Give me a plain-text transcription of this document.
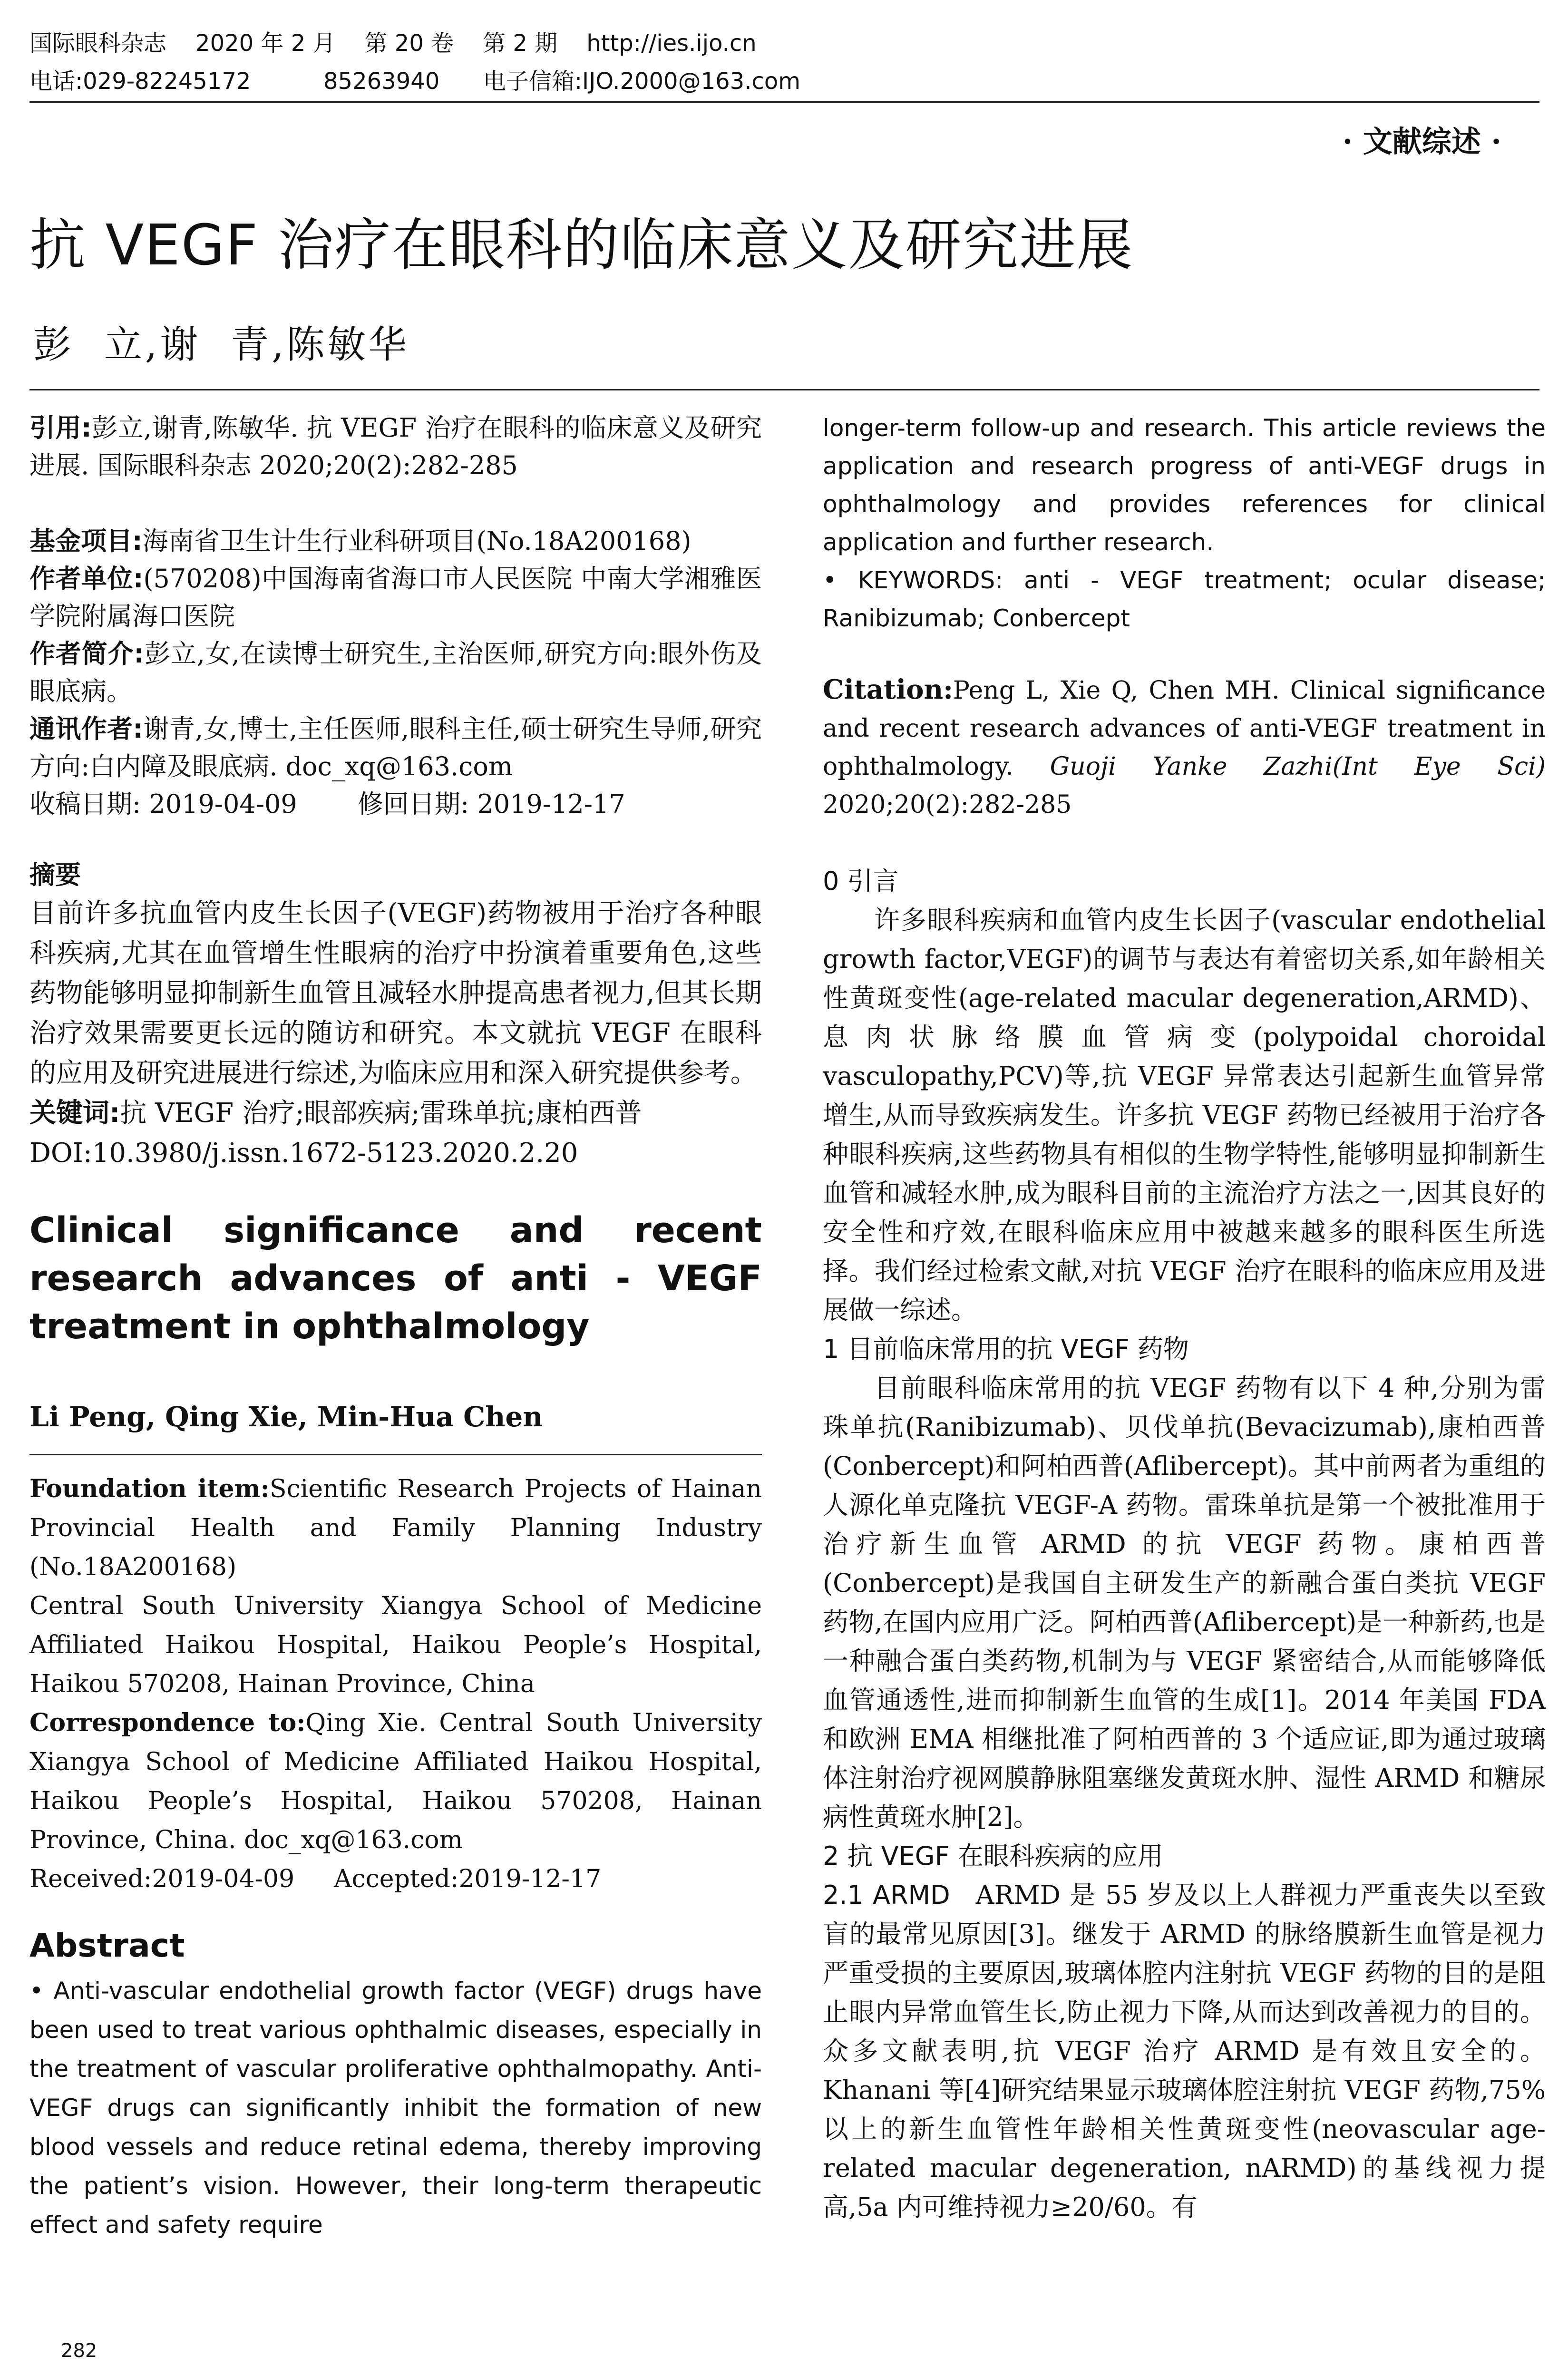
国际眼科杂志    2020 年 2 月    第 20 卷    第 2 期    http://ies.ijo.cn
电话:029-82245172          85263940      电子信箱:IJO.2000@163.com
· 文献综述 ·
抗 VEGF 治疗在眼科的临床意义及研究进展
彭  立,谢  青,陈敏华

引用:彭立,谢青,陈敏华. 抗 VEGF 治疗在眼科的临床意义及研究进展. 国际眼科杂志 2020;20(2):282-285

基金项目:海南省卫生计生行业科研项目(No.18A200168)

作者单位:(570208)中国海南省海口市人民医院 中南大学湘雅医学院附属海口医院

作者简介:彭立,女,在读博士研究生,主治医师,研究方向:眼外伤及眼底病。

通讯作者:谢青,女,博士,主任医师,眼科主任,硕士研究生导师,研究方向:白内障及眼底病. doc_xq@163.com

收稿日期: 2019-04-09 修回日期: 2019-12-17

摘要

目前许多抗血管内皮生长因子(VEGF)药物被用于治疗各种眼科疾病,尤其在血管增生性眼病的治疗中扮演着重要角色,这些药物能够明显抑制新生血管且减轻水肿提高患者视力,但其长期治疗效果需要更长远的随访和研究。本文就抗 VEGF 在眼科的应用及研究进展进行综述,为临床应用和深入研究提供参考。

关键词:抗 VEGF 治疗;眼部疾病;雷珠单抗;康柏西普

DOI:10.3980/j.issn.1672-5123.2020.2.20

Clinical significance and recent research advances of anti - VEGF treatment in ophthalmology

Li Peng, Qing Xie, Min-Hua Chen

Foundation item:Scientific Research Projects of Hainan Provincial Health and Family Planning Industry (No.18A200168)

Central South University Xiangya School of Medicine Affiliated Haikou Hospital, Haikou People’s Hospital, Haikou 570208, Hainan Province, China

Correspondence to:Qing Xie. Central South University Xiangya School of Medicine Affiliated Haikou Hospital, Haikou People’s Hospital, Haikou 570208, Hainan Province, China. doc_xq@163.com

Received:2019-04-09 Accepted:2019-12-17

Abstract

• Anti-vascular endothelial growth factor (VEGF) drugs have been used to treat various ophthalmic diseases, especially in the treatment of vascular proliferative ophthalmopathy. Anti-VEGF drugs can significantly inhibit the formation of new blood vessels and reduce retinal edema, thereby improving the patient’s vision. However, their long-term therapeutic effect and safety require

longer-term follow-up and research. This article reviews the application and research progress of anti-VEGF drugs in ophthalmology and provides references for clinical application and further research.

• KEYWORDS: anti - VEGF treatment; ocular disease; Ranibizumab; Conbercept

Citation:Peng L, Xie Q, Chen MH. Clinical significance and recent research advances of anti-VEGF treatment in ophthalmology. Guoji Yanke Zazhi(Int Eye Sci) 2020;20(2):282-285

0 引言

许多眼科疾病和血管内皮生长因子(vascular endothelial growth factor,VEGF)的调节与表达有着密切关系,如年龄相关性黄斑变性(age-related macular degeneration,ARMD)、息肉状脉络膜血管病变(polypoidal choroidal vasculopathy,PCV)等,抗 VEGF 异常表达引起新生血管异常增生,从而导致疾病发生。许多抗 VEGF 药物已经被用于治疗各种眼科疾病,这些药物具有相似的生物学特性,能够明显抑制新生血管和减轻水肿,成为眼科目前的主流治疗方法之一,因其良好的安全性和疗效,在眼科临床应用中被越来越多的眼科医生所选择。我们经过检索文献,对抗 VEGF 治疗在眼科的临床应用及进展做一综述。

1 目前临床常用的抗 VEGF 药物

目前眼科临床常用的抗 VEGF 药物有以下 4 种,分别为雷珠单抗(Ranibizumab)、贝伐单抗(Bevacizumab),康柏西普(Conbercept)和阿柏西普(Aflibercept)。其中前两者为重组的人源化单克隆抗 VEGF-A 药物。雷珠单抗是第一个被批准用于治疗新生血管 ARMD 的抗 VEGF 药物。康柏西普(Conbercept)是我国自主研发生产的新融合蛋白类抗 VEGF 药物,在国内应用广泛。阿柏西普(Aflibercept)是一种新药,也是一种融合蛋白类药物,机制为与 VEGF 紧密结合,从而能够降低血管通透性,进而抑制新生血管的生成[1]。2014 年美国 FDA 和欧洲 EMA 相继批准了阿柏西普的 3 个适应证,即为通过玻璃体注射治疗视网膜静脉阻塞继发黄斑水肿、湿性 ARMD 和糖尿病性黄斑水肿[2]。

2 抗 VEGF 在眼科疾病的应用

2.1 ARMD ARMD 是 55 岁及以上人群视力严重丧失以至致盲的最常见原因[3]。继发于 ARMD 的脉络膜新生血管是视力严重受损的主要原因,玻璃体腔内注射抗 VEGF 药物的目的是阻止眼内异常血管生长,防止视力下降,从而达到改善视力的目的。众多文献表明,抗 VEGF 治疗 ARMD 是有效且安全的。Khanani 等[4]研究结果显示玻璃体腔注射抗 VEGF 药物,75%以上的新生血管性年龄相关性黄斑变性(neovascular age-related macular degeneration, nARMD)的基线视力提高,5a 内可维持视力≥20/60。有

282
